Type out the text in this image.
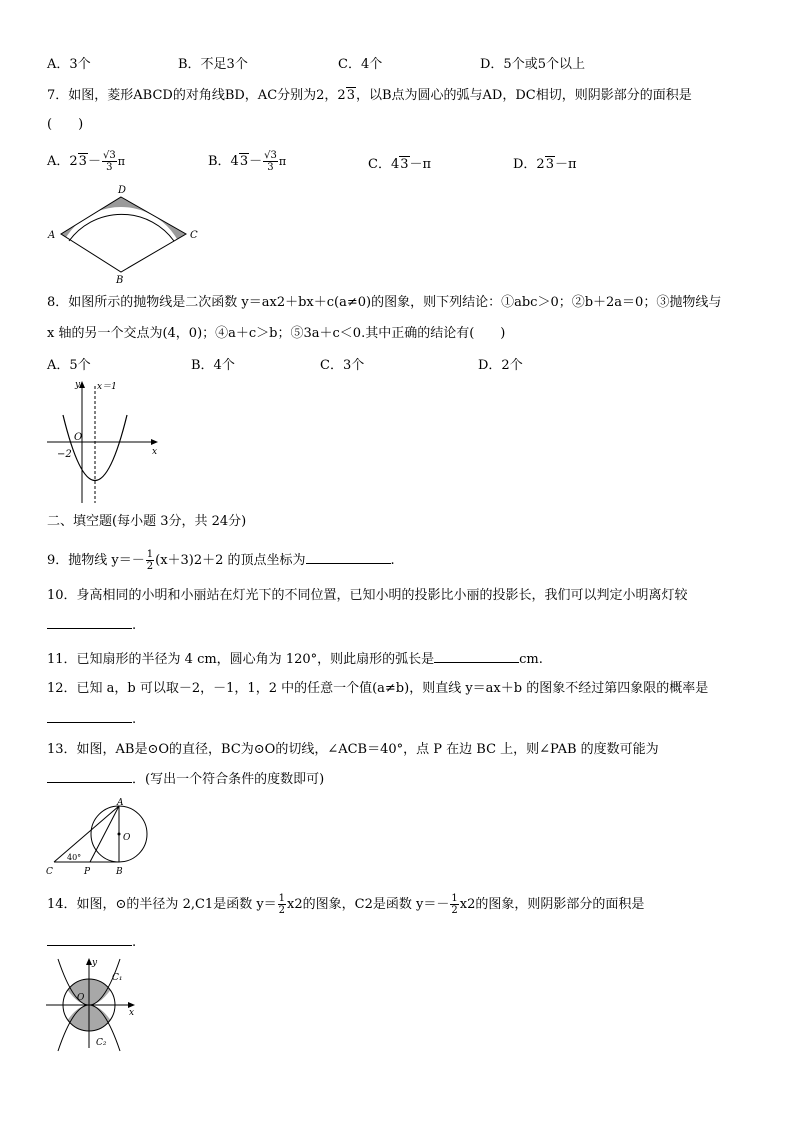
A．3个	B．不足3个	C．4个	D．5个或5个以上
7．如图，菱形ABCD的对角线BD，AC分别为2，23，以B点为圆心的弧与AD，DC相切，则阴影部分的面积是
(　　)
A．$23- \frac{√3}{3}$ π	B．$43- \frac{√3}{3}$ π	C．43－π	D．23－π
D
A	C
B
8．如图所示的抛物线是二次函数 y＝ax2＋bx＋c(a≠0)的图象，则下列结论：①abc＞0；②b＋2a＝0；③抛物线与
x 轴的另一个交点为(4，0)；④a＋c＞b；⑤3a＋c＜0.其中正确的结论有(　　)
A．5个	B．4个	C．3个	D．2个
y x＝1
O
−2	x
二、填空题(每小题 3分，共 24分)
9．抛物线 $y=- \frac{1}{2} (x+3)2+2$ 的顶点坐标为	.
10．身高相同的小明和小丽站在灯光下的不同位置，已知小明的投影比小丽的投影长，我们可以判定小明离灯较
.
11．已知扇形的半径为 4 cm，圆心角为 120°，则此扇形的弧长是	cm.
12．已知 a，b 可以取－2，－1，1，2 中的任意一个值(a≠b)，则直线 y＝ax＋b 的图象不经过第四象限的概率是
.
13．如图，AB是⊙O的直径，BC为⊙O的切线，∠ACB＝40°，点 P 在边 BC 上，则∠PAB 的度数可能为
．(写出一个符合条件的度数即可)
A
O
C	P	B
40°
14．如图，⊙的半径为 2,C1是函数 $y= \frac{1}{2} x2$的图象，C2是函数 $y=- \frac{1}{2} x2$的图象，则阴影部分的面积是
.
y
x
O
C₁
C₂
